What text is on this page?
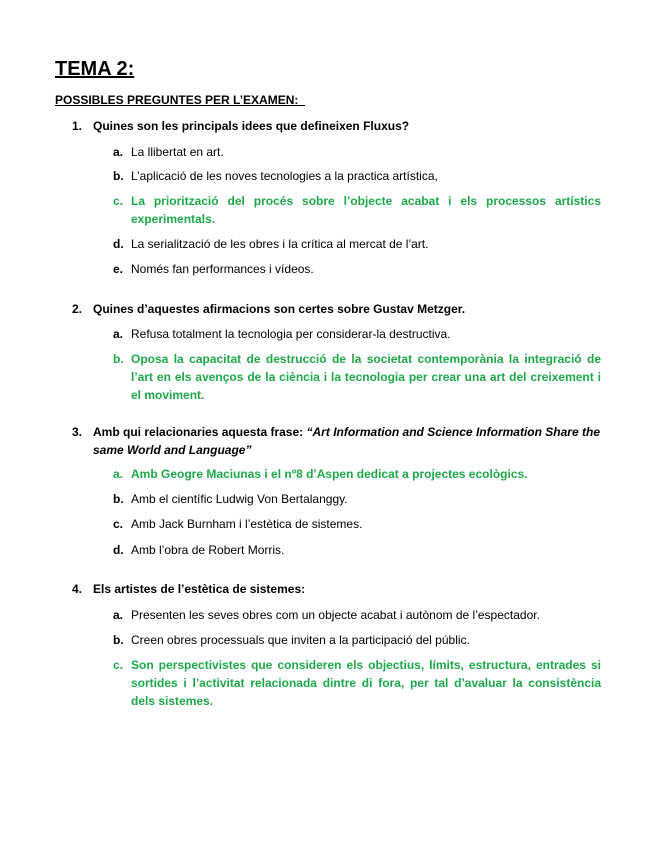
TEMA 2:
POSSIBLES PREGUNTES PER L’EXAMEN:
1. Quines son les principals idees que defineixen Fluxus?
a. La llibertat en art.
b. L’aplicació de les noves tecnologies a la practica artística,
c. La priorització del procés sobre l’objecte acabat i els processos artístics experimentals.
d. La serialització de les obres i la crítica al mercat de l’art.
e. Només fan performances i vídeos.
2. Quines d’aquestes afirmacions son certes sobre Gustav Metzger.
a. Refusa totalment la tecnologia per considerar-la destructiva.
b. Oposa la capacitat de destrucció de la societat contemporània la integració de l’art en els avenços de la ciència i la tecnologia per crear una art del creixement i el moviment.
3. Amb qui relacionaries aquesta frase: “Art Information and Science Information Share the same World and Language”
a. Amb Geogre Maciunas i el nº8 d’Aspen dedicat a projectes ecològics.
b. Amb el científic Ludwig Von Bertalanggy.
c. Amb Jack Burnham i l’estètica de sistemes.
d. Amb l’obra de Robert Morris.
4. Els artistes de l’estètica de sistemes:
a. Presenten les seves obres com un objecte acabat i autònom de l’espectador.
b. Creen obres processuals que inviten a la participació del públic.
c. Son perspectivistes que consideren els objectius, límits, estructura, entrades si sortides i l’activitat relacionada dintre di fora, per tal d’avaluar la consistència dels sistemes.
